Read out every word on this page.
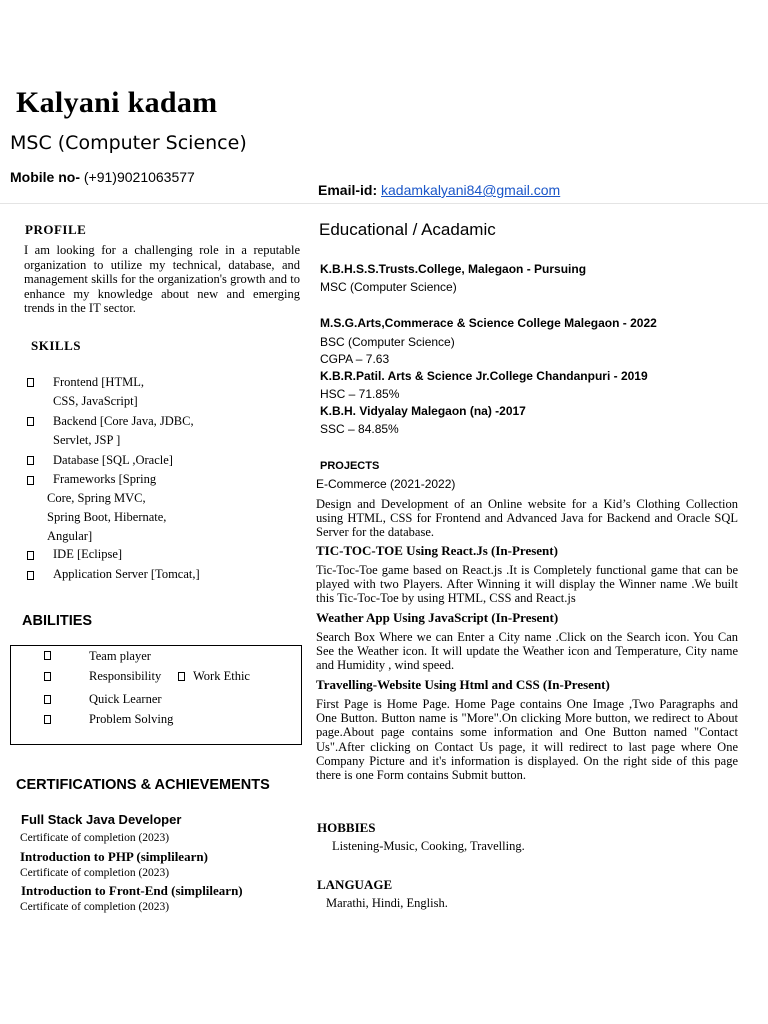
Kalyani kadam
MSC (Computer Science)
Mobile no- (+91)9021063577
Email-id: kadamkalyani84@gmail.com
PROFILE
I am looking for a challenging role in a reputable organization to utilize my technical, database, and management skills for the organization's growth and to enhance my knowledge about new and emerging trends in the IT sector.
SKILLS
Frontend [HTML,
CSS, JavaScript]
Backend [Core Java, JDBC,
Servlet, JSP ]
Database [SQL ,Oracle]
Frameworks [Spring
Core, Spring MVC,
Spring Boot, Hibernate,
Angular]
IDE [Eclipse]
Application Server [Tomcat,]
ABILITIES
Team player
Responsibility	Work Ethic
Quick Learner
Problem Solving
CERTIFICATIONS & ACHIEVEMENTS
Full Stack Java Developer
Certificate of completion (2023)
Introduction to PHP (simplilearn)
Certificate of completion (2023)
Introduction to Front-End (simplilearn)
Certificate of completion (2023)
Educational / Acadamic
K.B.H.S.S.Trusts.College, Malegaon - Pursuing
MSC (Computer Science)
M.S.G.Arts,Commerace & Science College Malegaon - 2022
BSC (Computer Science)
CGPA – 7.63
K.B.R.Patil. Arts & Science Jr.College Chandanpuri - 2019
HSC – 71.85%
K.B.H. Vidyalay Malegaon (na) -2017
SSC – 84.85%
PROJECTS
E-Commerce (2021-2022)
Design and Development of an Online website for a Kid’s Clothing Collection using HTML, CSS for Frontend and Advanced Java for Backend and Oracle SQL Server for the database.
TIC-TOC-TOE Using React.Js (In-Present)
Tic-Toc-Toe game based on React.js .It is Completely functional game that can be played with two Players. After Winning it will display the Winner name .We built this Tic-Toc-Toe by using HTML, CSS and React.js
Weather App Using JavaScript (In-Present)
Search Box Where we can Enter a City name .Click on the Search icon. You Can See the Weather icon. It will update the Weather icon and Temperature, City name and Humidity , wind speed.
Travelling-Website Using Html and CSS (In-Present)
First Page is Home Page. Home Page contains One Image ,Two Paragraphs and One Button. Button name is "More".On clicking More button, we redirect to About page.About page contains some information and One Button named "Contact Us".After clicking on Contact Us page, it will redirect to last page where One Company Picture and it's information is displayed. On the right side of this page there is one Form contains Submit button.
HOBBIES
Listening-Music, Cooking, Travelling.
LANGUAGE
Marathi, Hindi, English.
